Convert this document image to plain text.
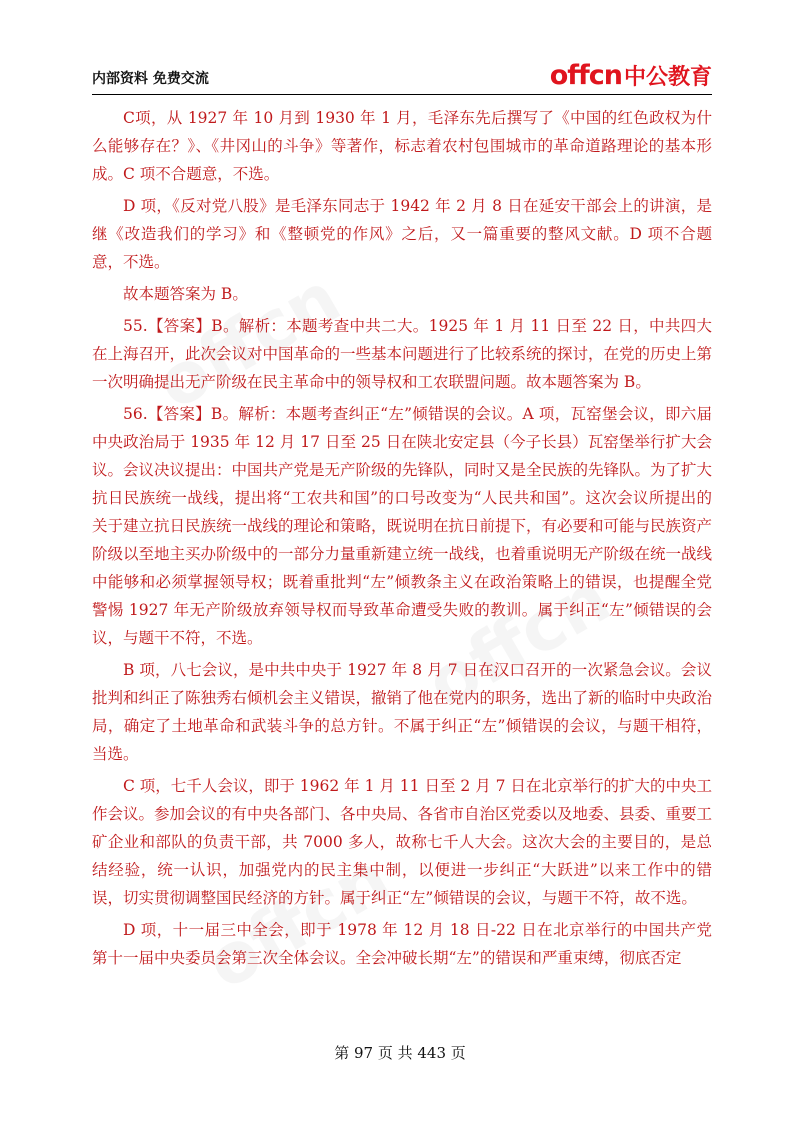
内部资料 免费交流	offcn 中公教育

C项，从 1927 年 10 月到 1930 年 1 月，毛泽东先后撰写了《中国的红色政权为什么能够存在？》、《井冈山的斗争》等著作，标志着农村包围城市的革命道路理论的基本形成。C 项不合题意，不选。

D 项，《反对党八股》是毛泽东同志于 1942 年 2 月 8 日在延安干部会上的讲演，是继《改造我们的学习》和《整顿党的作风》之后，又一篇重要的整风文献。D 项不合题意，不选。

故本题答案为 B。

55.【答案】B。解析：本题考查中共二大。1925 年 1 月 11 日至 22 日，中共四大在上海召开，此次会议对中国革命的一些基本问题进行了比较系统的探讨，在党的历史上第一次明确提出无产阶级在民主革命中的领导权和工农联盟问题。故本题答案为 B。

56.【答案】B。解析：本题考查纠正“左”倾错误的会议。A 项，瓦窑堡会议，即六届中央政治局于 1935 年 12 月 17 日至 25 日在陕北安定县（今子长县）瓦窑堡举行扩大会议。会议决议提出：中国共产党是无产阶级的先锋队，同时又是全民族的先锋队。为了扩大抗日民族统一战线，提出将“工农共和国”的口号改变为“人民共和国”。这次会议所提出的关于建立抗日民族统一战线的理论和策略，既说明在抗日前提下，有必要和可能与民族资产阶级以至地主买办阶级中的一部分力量重新建立统一战线，也着重说明无产阶级在统一战线中能够和必须掌握领导权；既着重批判“左”倾教条主义在政治策略上的错误，也提醒全党警惕 1927 年无产阶级放弃领导权而导致革命遭受失败的教训。属于纠正“左”倾错误的会议，与题干不符，不选。

B 项，八七会议，是中共中央于 1927 年 8 月 7 日在汉口召开的一次紧急会议。会议批判和纠正了陈独秀右倾机会主义错误，撤销了他在党内的职务，选出了新的临时中央政治局，确定了土地革命和武装斗争的总方针。不属于纠正“左”倾错误的会议，与题干相符，当选。

C 项，七千人会议，即于 1962 年 1 月 11 日至 2 月 7 日在北京举行的扩大的中央工作会议。参加会议的有中央各部门、各中央局、各省市自治区党委以及地委、县委、重要工矿企业和部队的负责干部，共 7000 多人，故称七千人大会。这次大会的主要目的，是总结经验，统一认识，加强党内的民主集中制，以便进一步纠正“大跃进”以来工作中的错误，切实贯彻调整国民经济的方针。属于纠正“左”倾错误的会议，与题干不符，故不选。

D 项，十一届三中全会，即于 1978 年 12 月 18 日-22 日在北京举行的中国共产党第十一届中央委员会第三次全体会议。全会冲破长期“左”的错误和严重束缚，彻底否定

第 97 页 共 443 页
